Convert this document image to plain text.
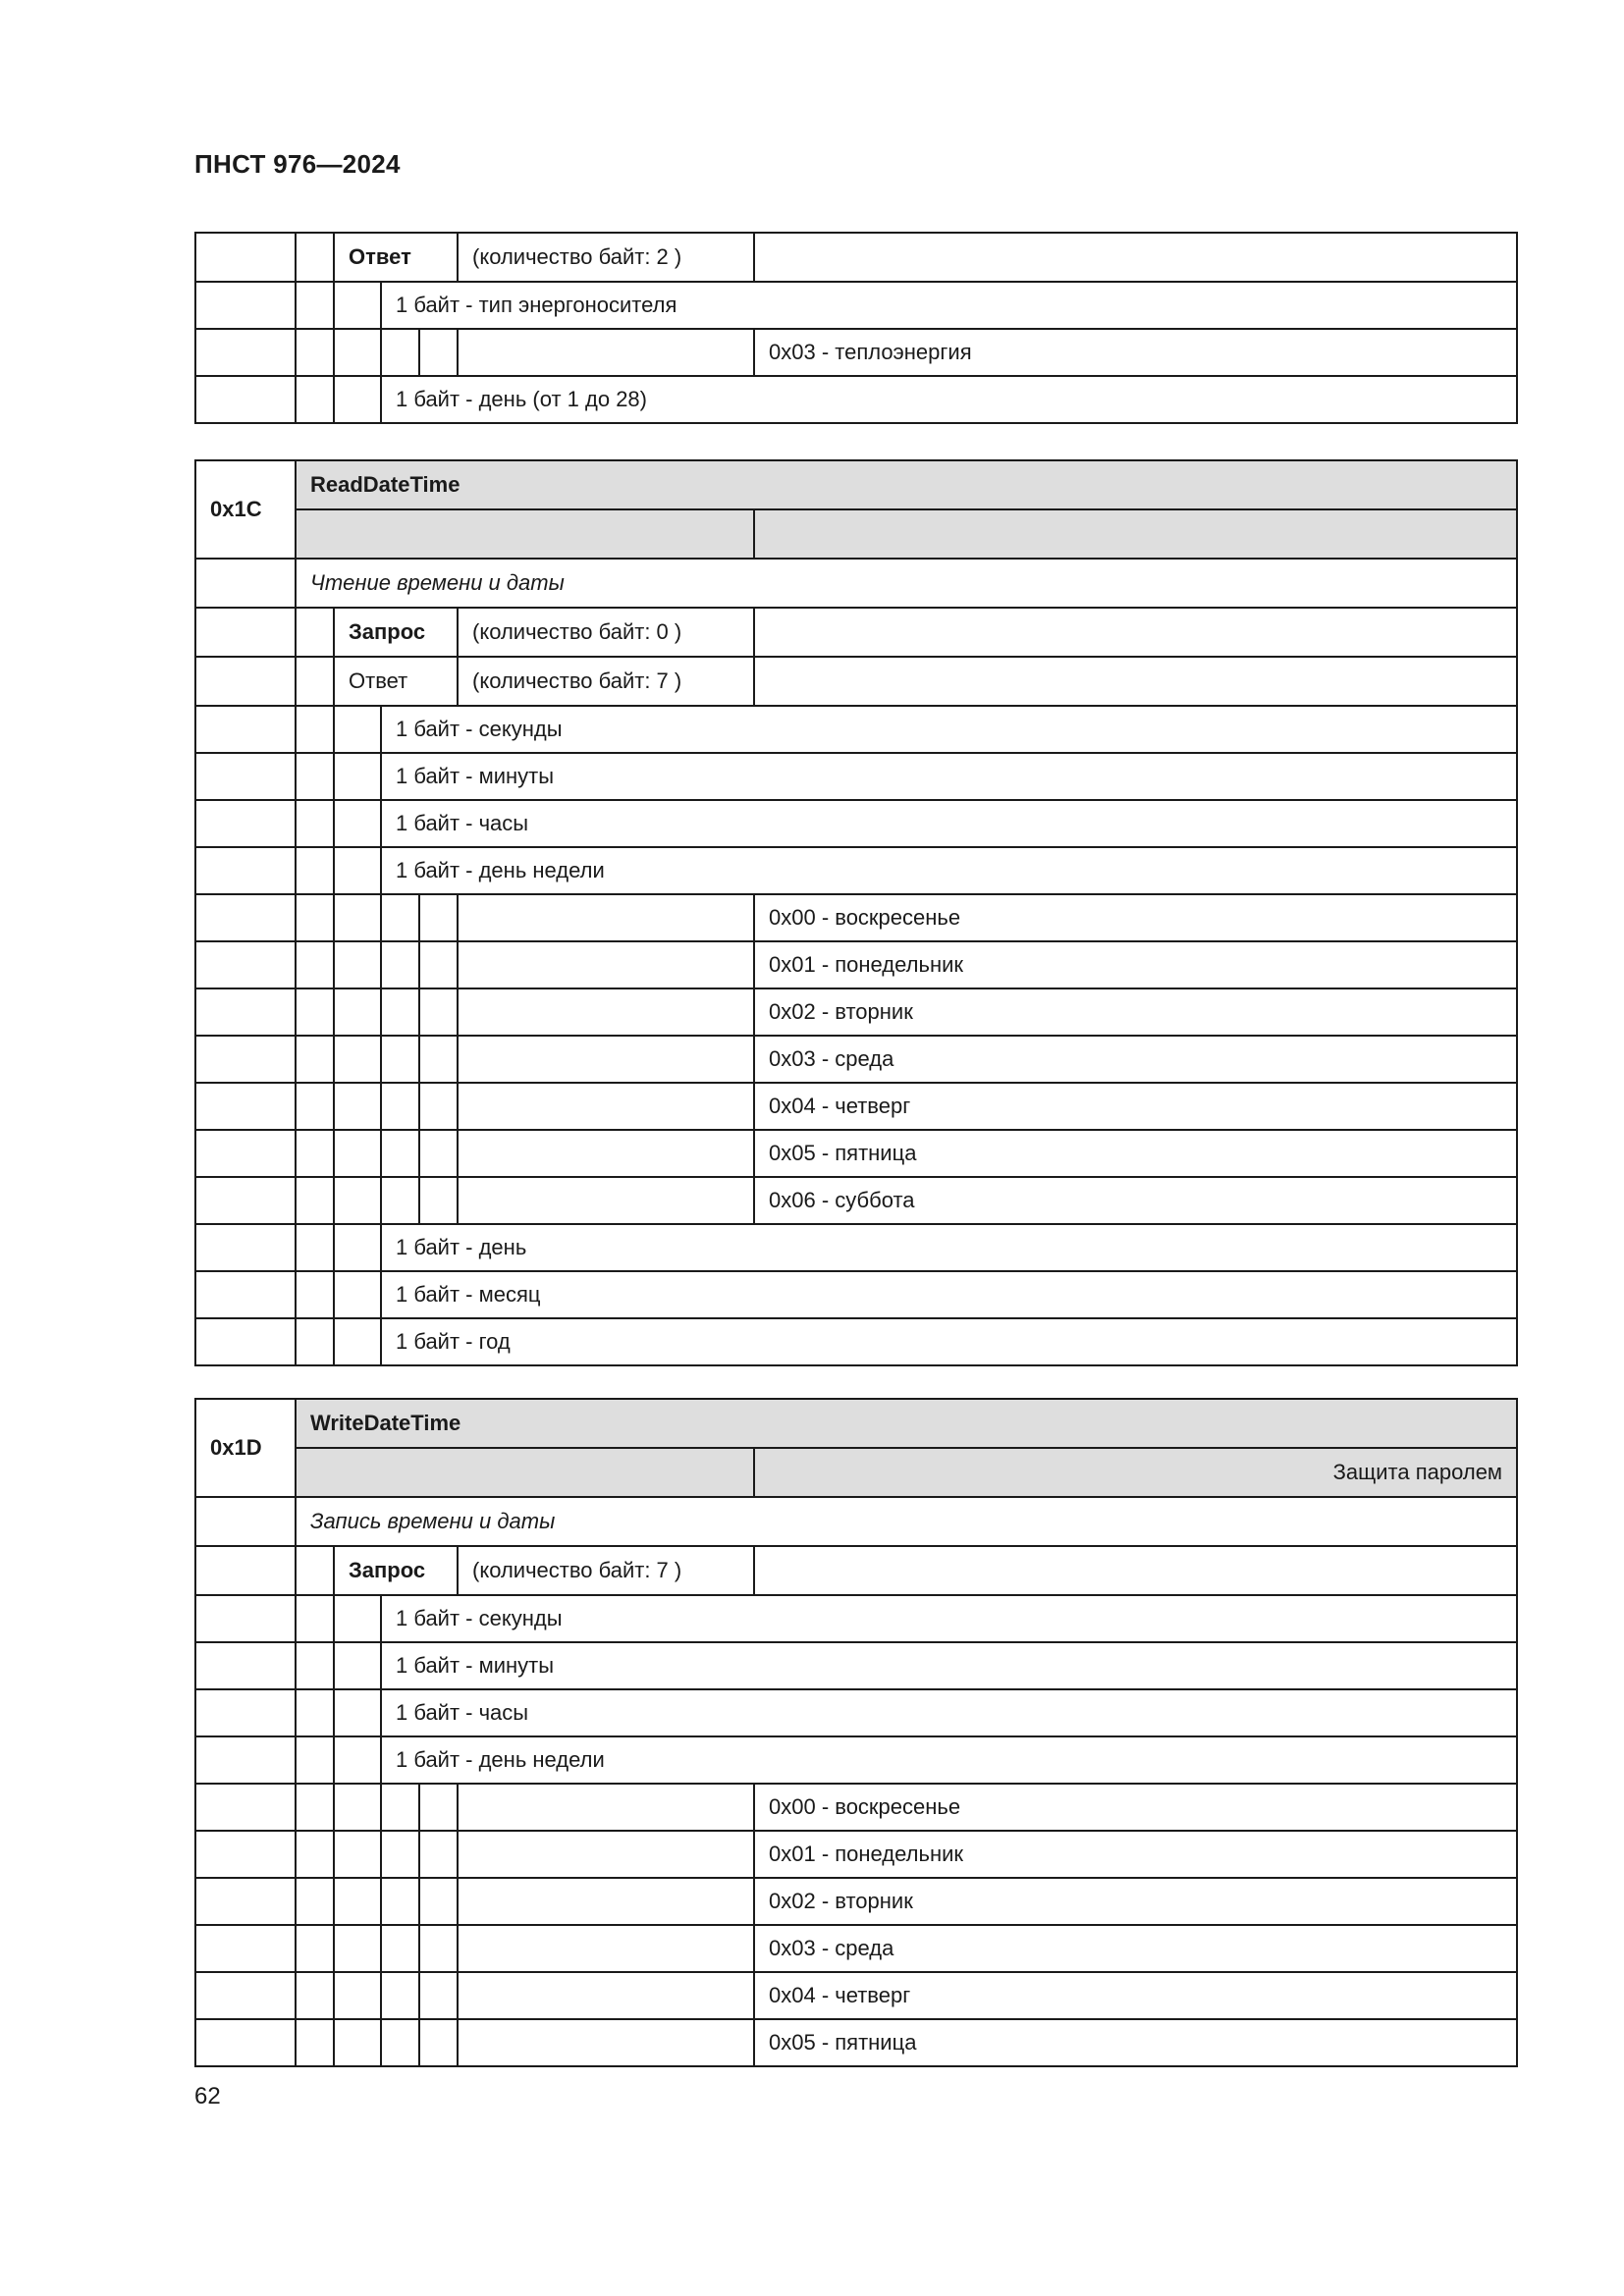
ПНСТ 976—2024
		Ответ			(количество байт: 2 )	
			1 байт - тип энергоносителя			
						0x03 - теплоэнергия
			1 байт - день (от 1 до 28)			
0x1C	ReadDateTime					

	Чтение времени и даты					
		Запрос			(количество байт: 0 )	
		Ответ			(количество байт: 7 )	
			1 байт - секунды			
			1 байт - минуты			
			1 байт - часы			
			1 байт - день недели			
						0x00 - воскресенье
						0x01 - понедельник
						0x02 - вторник
						0x03 - среда
						0x04 - четверг
						0x05 - пятница
						0x06 - суббота
			1 байт - день			
			1 байт - месяц			
			1 байт - год			
0x1D	WriteDateTime					
						Защита паролем
	Запись времени и даты					
		Запрос			(количество байт: 7 )	
			1 байт - секунды			
			1 байт - минуты			
			1 байт - часы			
			1 байт - день недели			
						0x00 - воскресенье
						0x01 - понедельник
						0x02 - вторник
						0x03 - среда
						0x04 - четверг
						0x05 - пятница
62
